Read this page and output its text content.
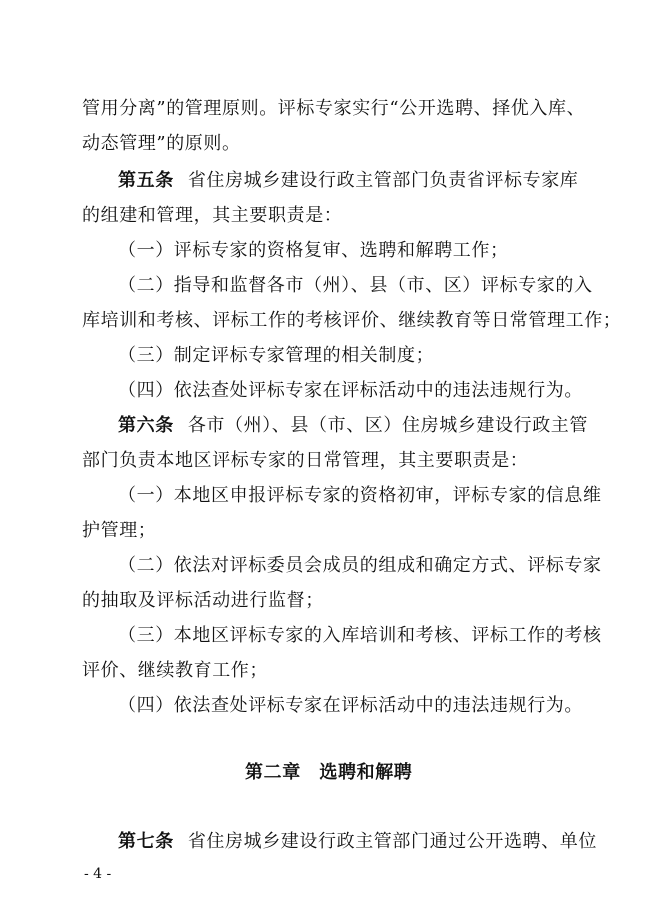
管用分离”的管理原则。评标专家实行“公开选聘、择优入库、
动态管理”的原则。
第五条 省住房城乡建设行政主管部门负责省评标专家库
的组建和管理，其主要职责是：
（一）评标专家的资格复审、选聘和解聘工作；
（二）指导和监督各市（州）、县（市、区）评标专家的入
库培训和考核、评标工作的考核评价、继续教育等日常管理工作；
（三）制定评标专家管理的相关制度；
（四）依法查处评标专家在评标活动中的违法违规行为。
第六条 各市（州）、县（市、区）住房城乡建设行政主管
部门负责本地区评标专家的日常管理，其主要职责是：
（一）本地区申报评标专家的资格初审，评标专家的信息维
护管理；
（二）依法对评标委员会成员的组成和确定方式、评标专家
的抽取及评标活动进行监督；
（三）本地区评标专家的入库培训和考核、评标工作的考核
评价、继续教育工作；
（四）依法查处评标专家在评标活动中的违法违规行为。
第二章　选聘和解聘
第七条 省住房城乡建设行政主管部门通过公开选聘、单位
- 4 -
